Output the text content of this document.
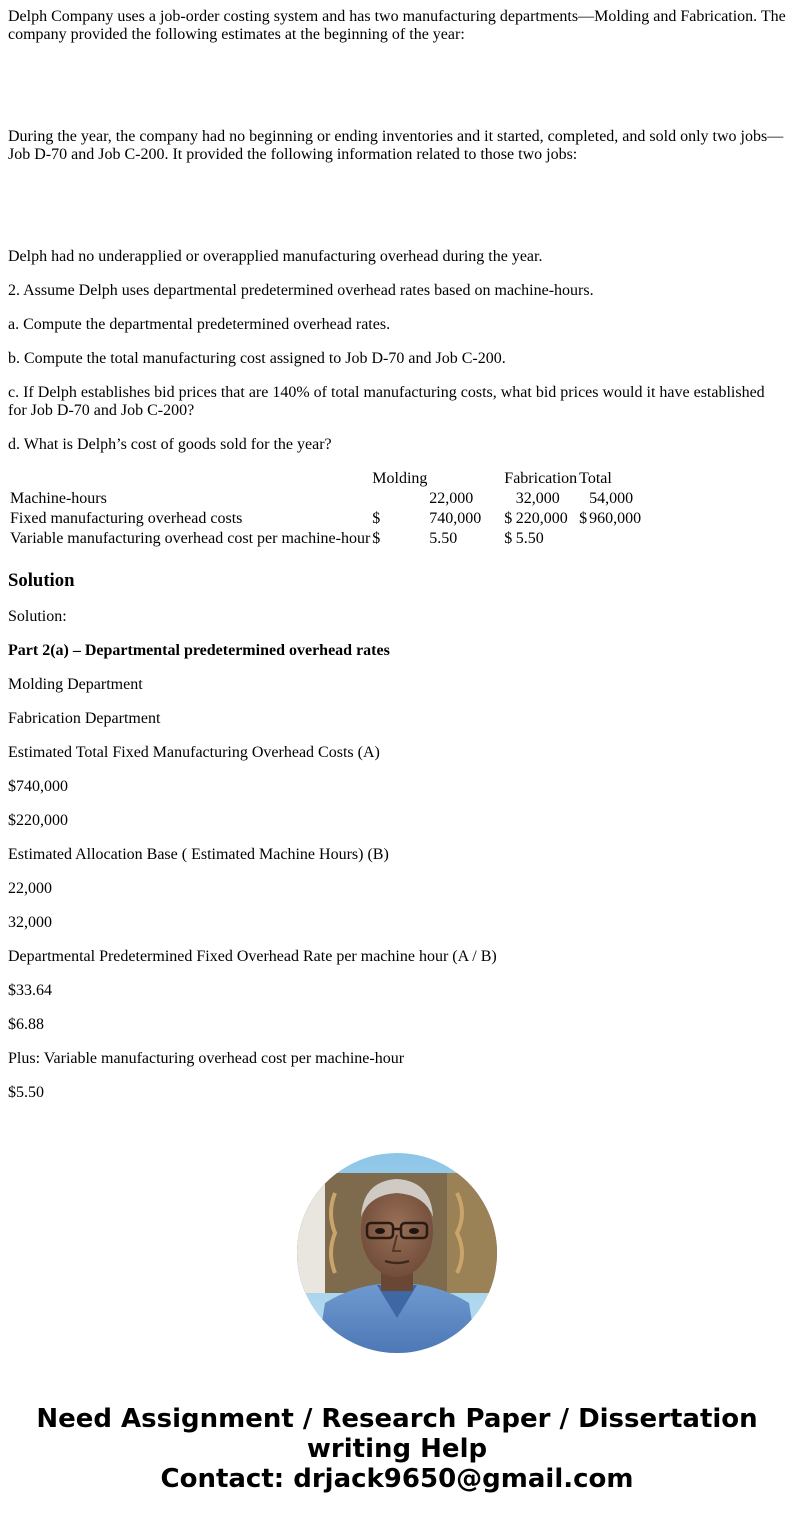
Delph Company uses a job-order costing system and has two manufacturing departments—Molding and Fabrication. The company provided the following estimates at the beginning of the year:

During the year, the company had no beginning or ending inventories and it started, completed, and sold only two jobs—Job D-70 and Job C-200. It provided the following information related to those two jobs:

Delph had no underapplied or overapplied manufacturing overhead during the year.

2. Assume Delph uses departmental predetermined overhead rates based on machine-hours.

a. Compute the departmental predetermined overhead rates.

b. Compute the total manufacturing cost assigned to Job D-70 and Job C-200.

c. If Delph establishes bid prices that are 140% of total manufacturing costs, what bid prices would it have established for Job D-70 and Job C-200?

d. What is Delph’s cost of goods sold for the year?

	Molding		Fabrication		Total	
Machine-hours		22,000		32,000		54,000
Fixed manufacturing overhead costs	$	740,000	$	220,000	$	960,000
Variable manufacturing overhead cost per machine-hour	$	5.50	$	5.50		
Solution

Solution:

Part 2(a) – Departmental predetermined overhead rates

Molding Department

Fabrication Department

Estimated Total Fixed Manufacturing Overhead Costs (A)

$740,000

$220,000

Estimated Allocation Base ( Estimated Machine Hours) (B)

22,000

32,000

Departmental Predetermined Fixed Overhead Rate per machine hour (A / B)

$33.64

$6.88

Plus: Variable manufacturing overhead cost per machine-hour

$5.50

Need Assignment / Research Paper / Dissertation
writing Help
Contact: drjack9650@gmail.com
